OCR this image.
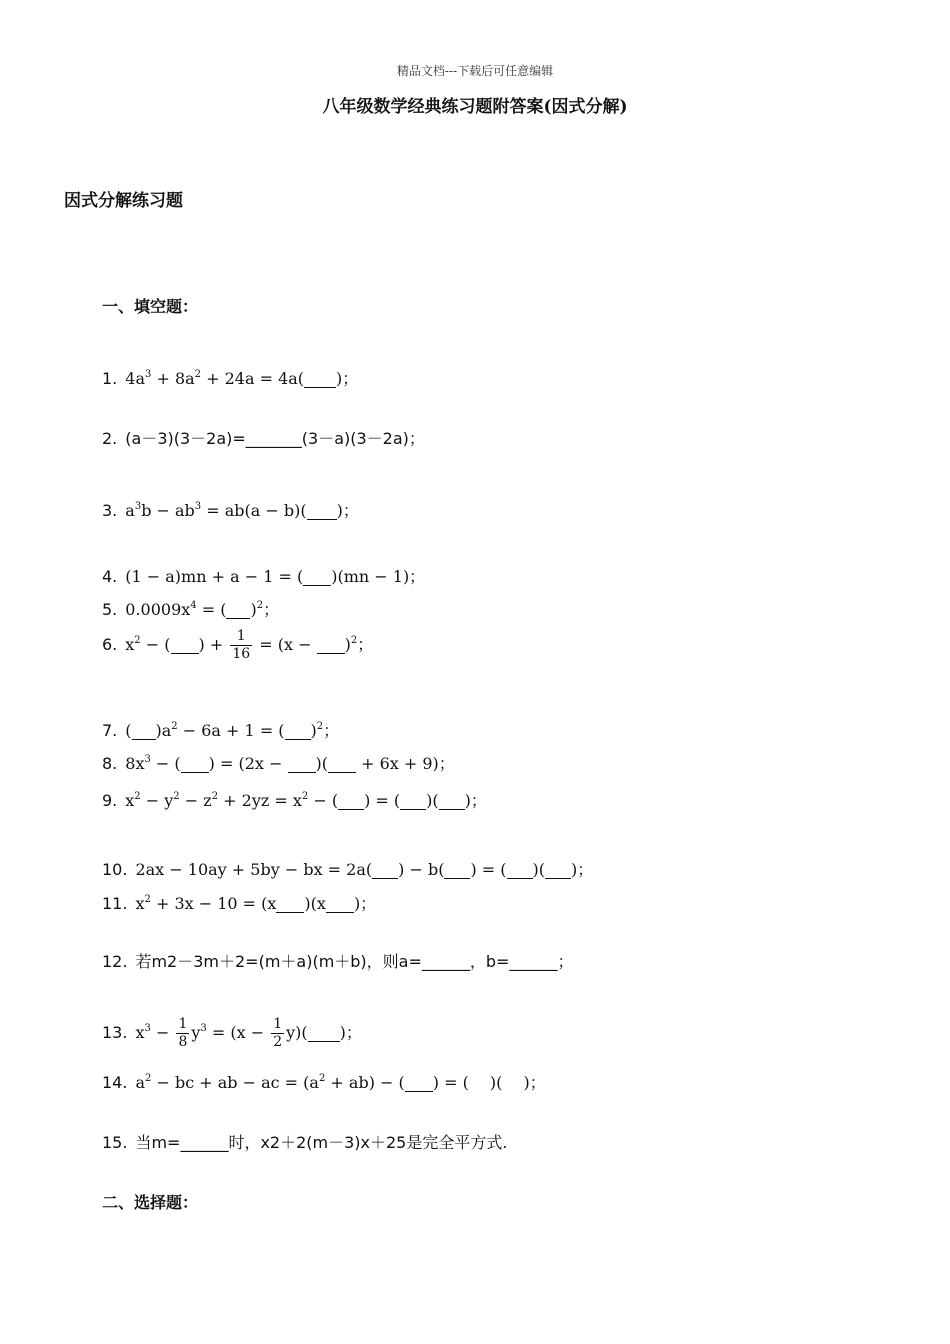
精品文档---下载后可任意编辑
八年级数学经典练习题附答案(因式分解)
因式分解练习题
一、填空题：
1. $4a^3 + 8a^2 + 24a = 4a$( )；
2. (a－3)(3－2a)=_______(3－a)(3－2a)；
3. $a^3b - ab^3 = ab(a - b)$( )；
4. (1 − a)mn + a − 1 = ( )(mn − 1)；
5. $0.0009x^4$ = ( )$^2$；
6. $x^2$ − ( ) + $\frac{1}{16} = (x - )^2$；
7. ( )$a^2 - 6a + 1$ = ( )$^2$；
8. $8x^3$ − ( ) = (2x − )( + 6x + 9)；
9. $x^2 - y^2 - z^2 + 2yz = x^2$ − ( ) = ( )( )；
10. 2ax − 10ay + 5by − bx = 2a( ) − b( ) = ( )( )；
11. $x^2 + 3x - 10 = (x$ )(x )；
12. 若m2－3m＋2=(m＋a)(m＋b)，则a=______，b=______；
13. $x^3 - \frac{1}{8} y^3 = (x - \frac{1}{2} y)$( )；
14. $a^2$ − bc + ab − ac = $(a^2 + ab)$ − ( ) = (　 )(　 )；
15. 当m=______时，x2＋2(m－3)x＋25是完全平方式.
二、选择题：
